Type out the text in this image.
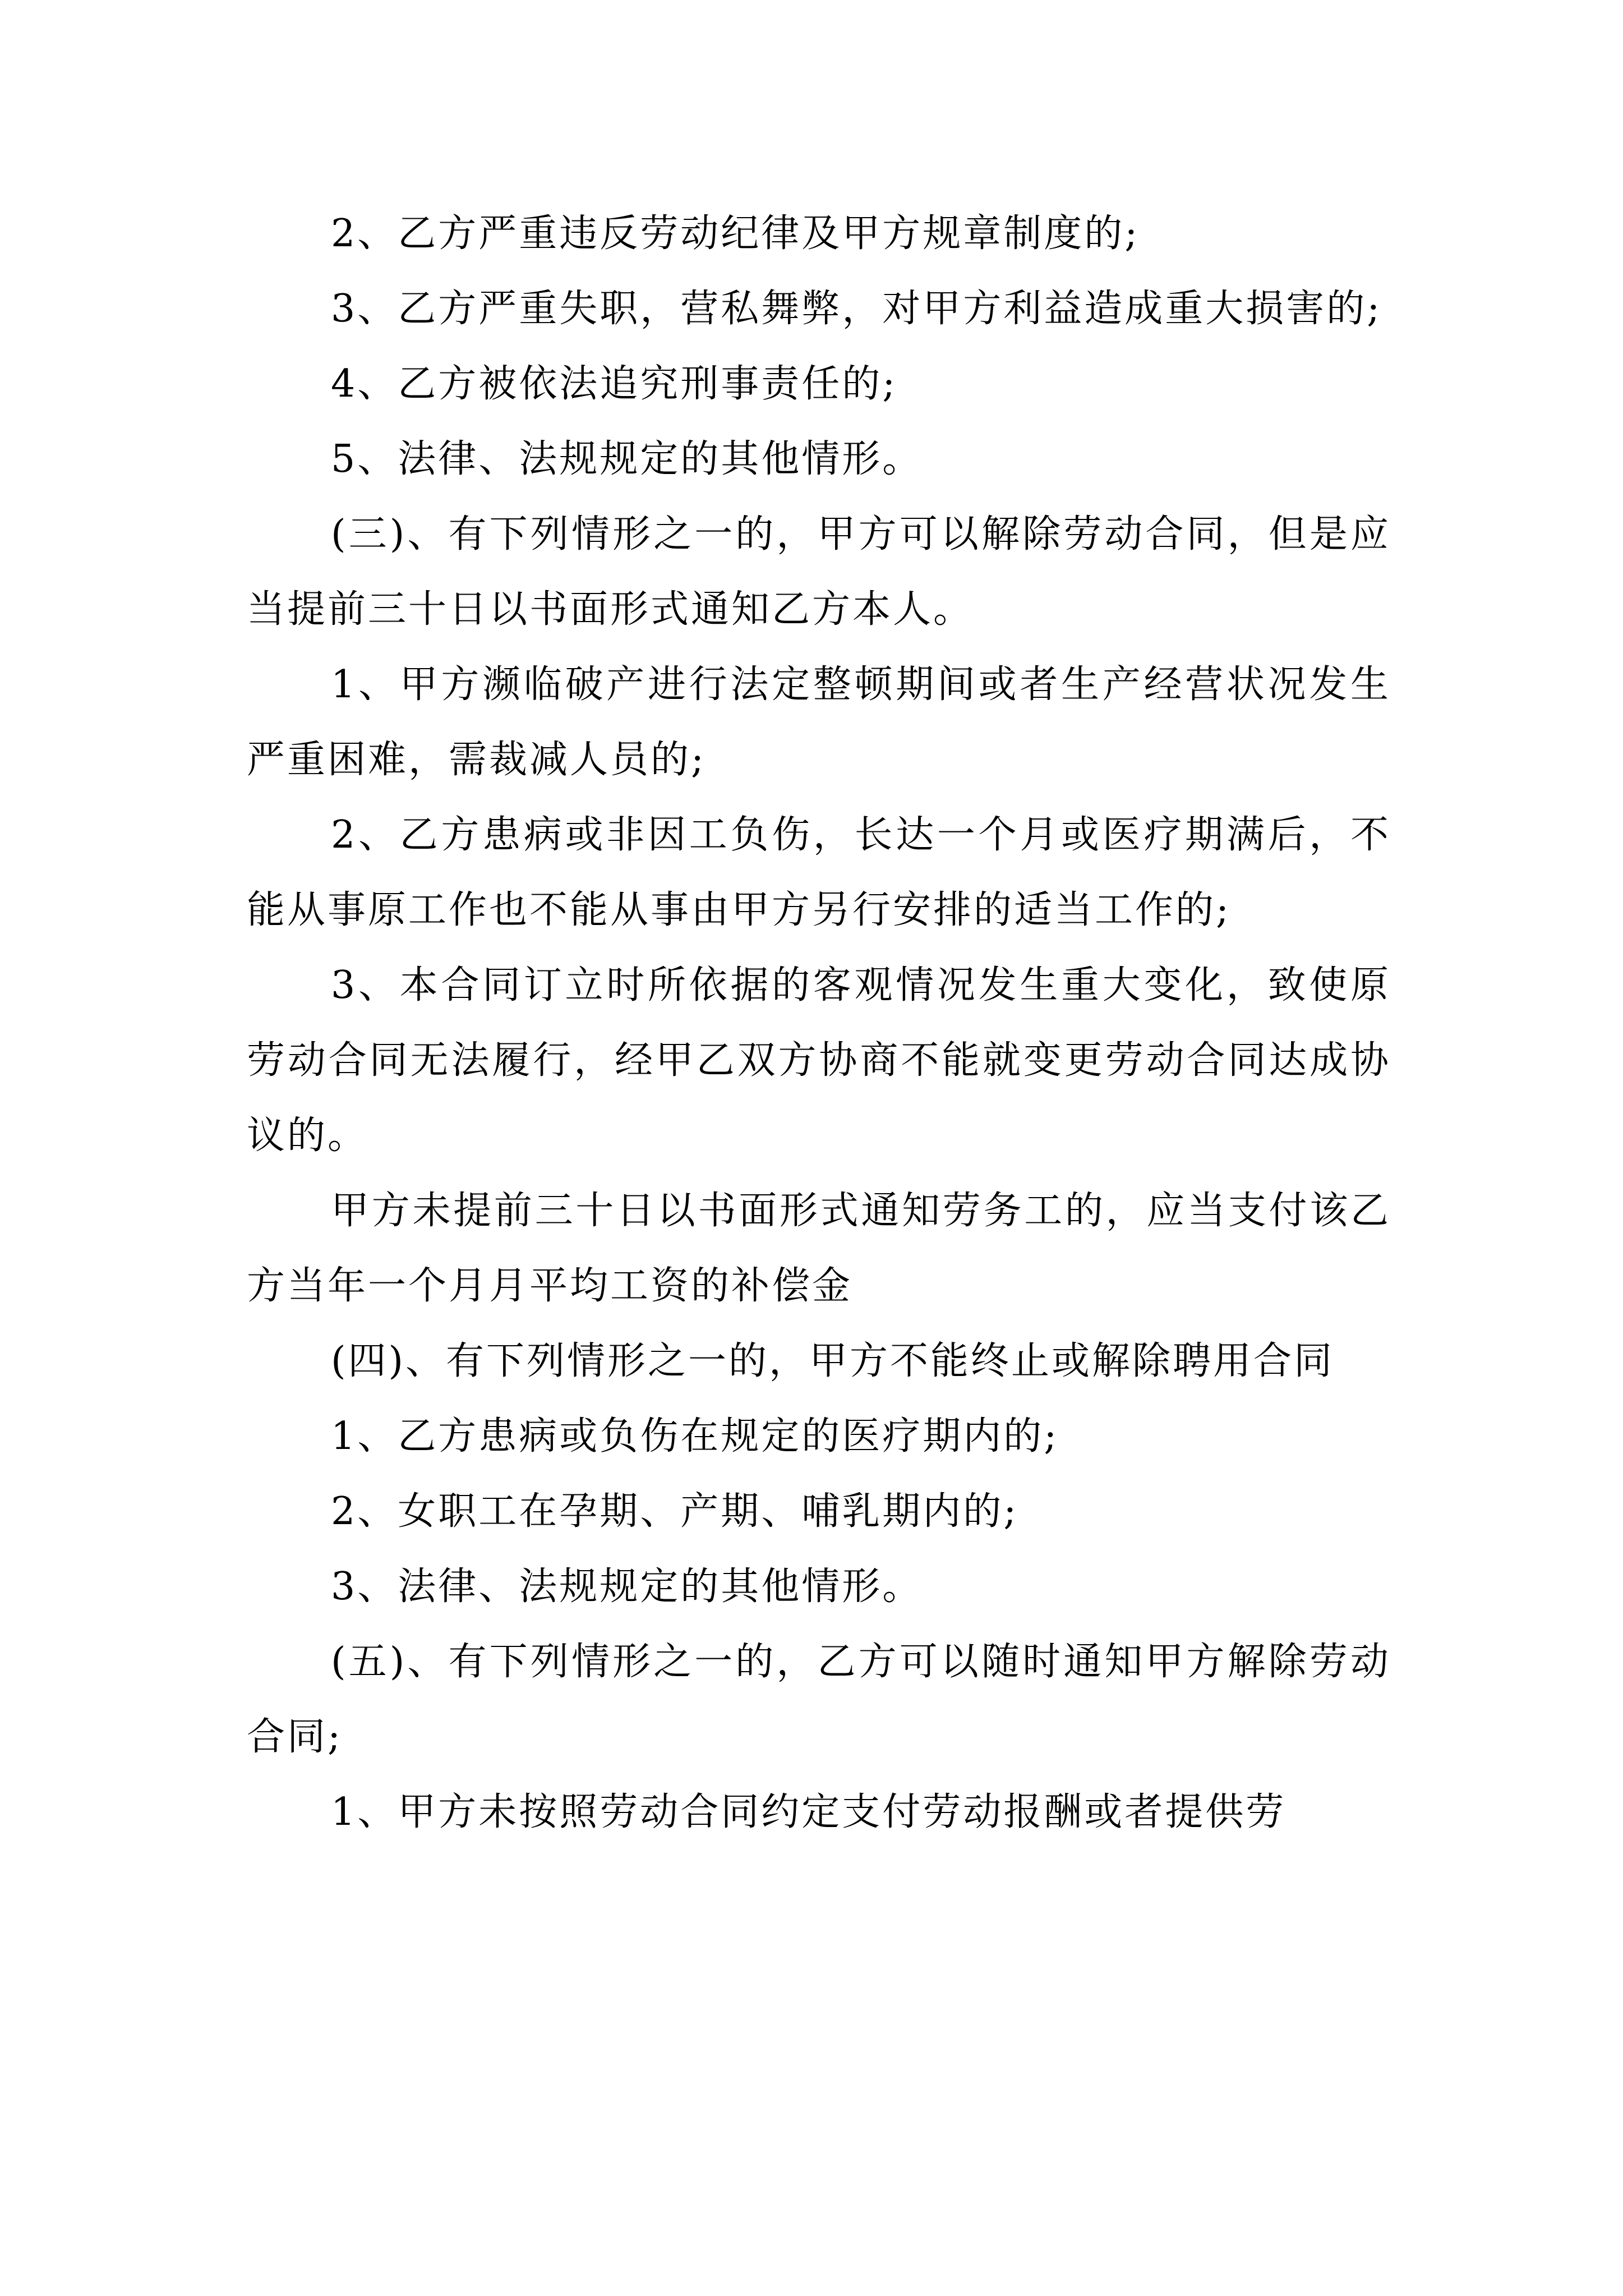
2、乙方严重违反劳动纪律及甲方规章制度的;

3、乙方严重失职，营私舞弊，对甲方利益造成重大损害的;

4、乙方被依法追究刑事责任的;

5、法律、法规规定的其他情形。

(三)、有下列情形之一的，甲方可以解除劳动合同，但是应当提前三十日以书面形式通知乙方本人。

1、甲方濒临破产进行法定整顿期间或者生产经营状况发生严重困难，需裁减人员的;

2、乙方患病或非因工负伤，长达一个月或医疗期满后，不能从事原工作也不能从事由甲方另行安排的适当工作的;

3、本合同订立时所依据的客观情况发生重大变化，致使原劳动合同无法履行，经甲乙双方协商不能就变更劳动合同达成协议的。

甲方未提前三十日以书面形式通知劳务工的，应当支付该乙方当年一个月月平均工资的补偿金

(四)、有下列情形之一的，甲方不能终止或解除聘用合同

1、乙方患病或负伤在规定的医疗期内的;

2、女职工在孕期、产期、哺乳期内的;

3、法律、法规规定的其他情形。

(五)、有下列情形之一的，乙方可以随时通知甲方解除劳动合同;

1、甲方未按照劳动合同约定支付劳动报酬或者提供劳
